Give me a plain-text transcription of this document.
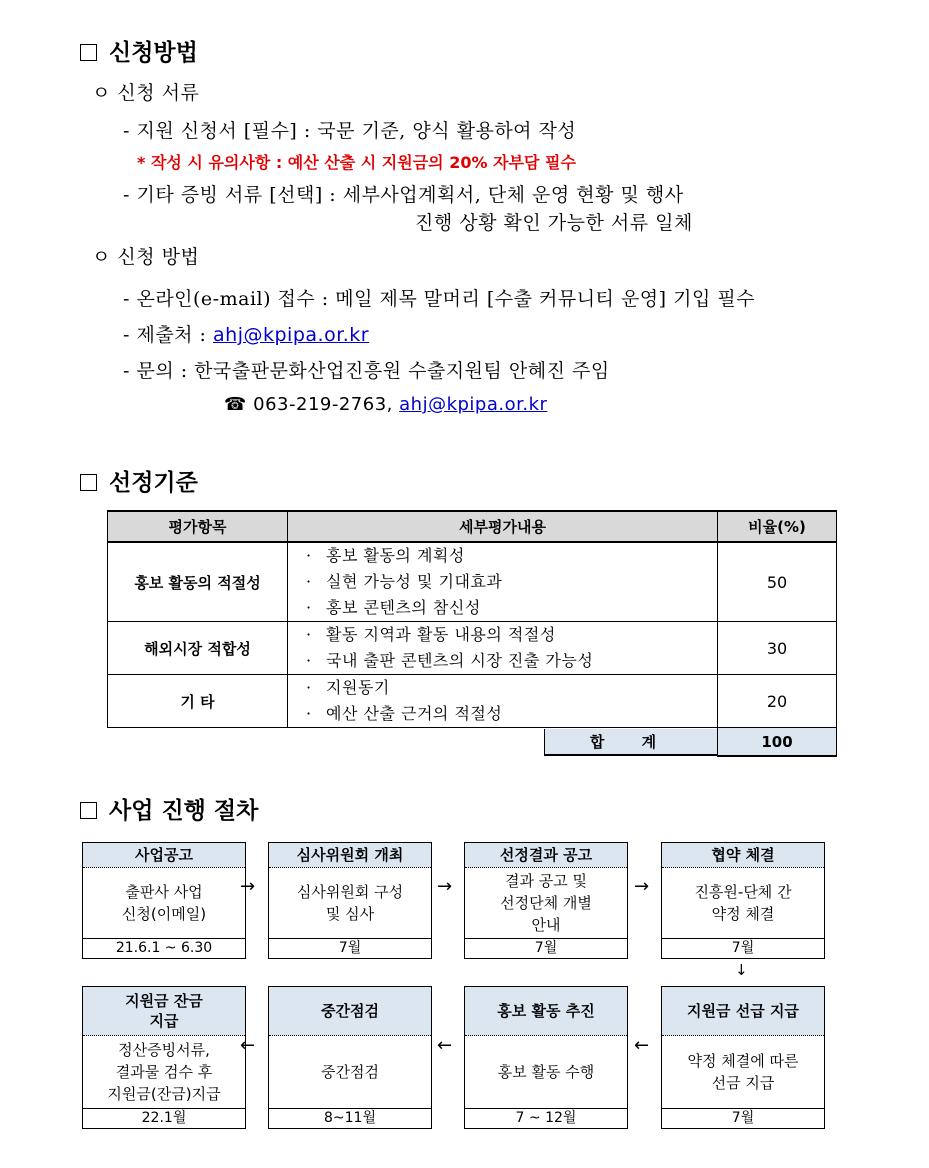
신청방법
ㅇ 신청 서류
- 지원 신청서 [필수] : 국문 기준, 양식 활용하여 작성
* 작성 시 유의사항 : 예산 산출 시 지원금의 20% 자부담 필수
- 기타 증빙 서류 [선택] : 세부사업계획서, 단체 운영 현황 및 행사
진행 상황 확인 가능한 서류 일체
ㅇ 신청 방법
- 온라인(e-mail) 접수 : 메일 제목 말머리 [수출 커뮤니티 운영] 기입 필수
- 제출처 : ahj@kpipa.or.kr
- 문의 : 한국출판문화산업진흥원 수출지원팀 안혜진 주임
☎ 063-219-2763, ahj@kpipa.or.kr
선정기준
평가항목	세부평가내용	비율(%)
홍보 활동의 적절성	· 홍보 활동의 계획성
· 실현 가능성 및 기대효과
· 홍보 콘텐츠의 참신성	50
해외시장 적합성	· 활동 지역과 활동 내용의 적절성
· 국내 출판 콘텐츠의 시장 진출 가능성	30
기 타	· 지원동기
· 예산 산출 근거의 적절성	20

	합 계	100
사업 진행 절차
사업공고
출판사 사업
신청(이메일)
21.6.1 ~ 6.30
→
심사위원회 개최
심사위원회 구성
및 심사
7월
→
선정결과 공고
결과 공고 및
선정단체 개별
안내
7월
→
협약 체결
진흥원-단체 간
약정 체결
7월
↓
지원금 잔금
지급
정산증빙서류,
결과물 검수 후
지원금(잔금)지급
22.1월
←
중간점검
중간점검
8~11월
←
홍보 활동 추진
홍보 활동 수행
7 ~ 12월
←
지원금 선급 지급
약정 체결에 따른
선금 지급
7월
